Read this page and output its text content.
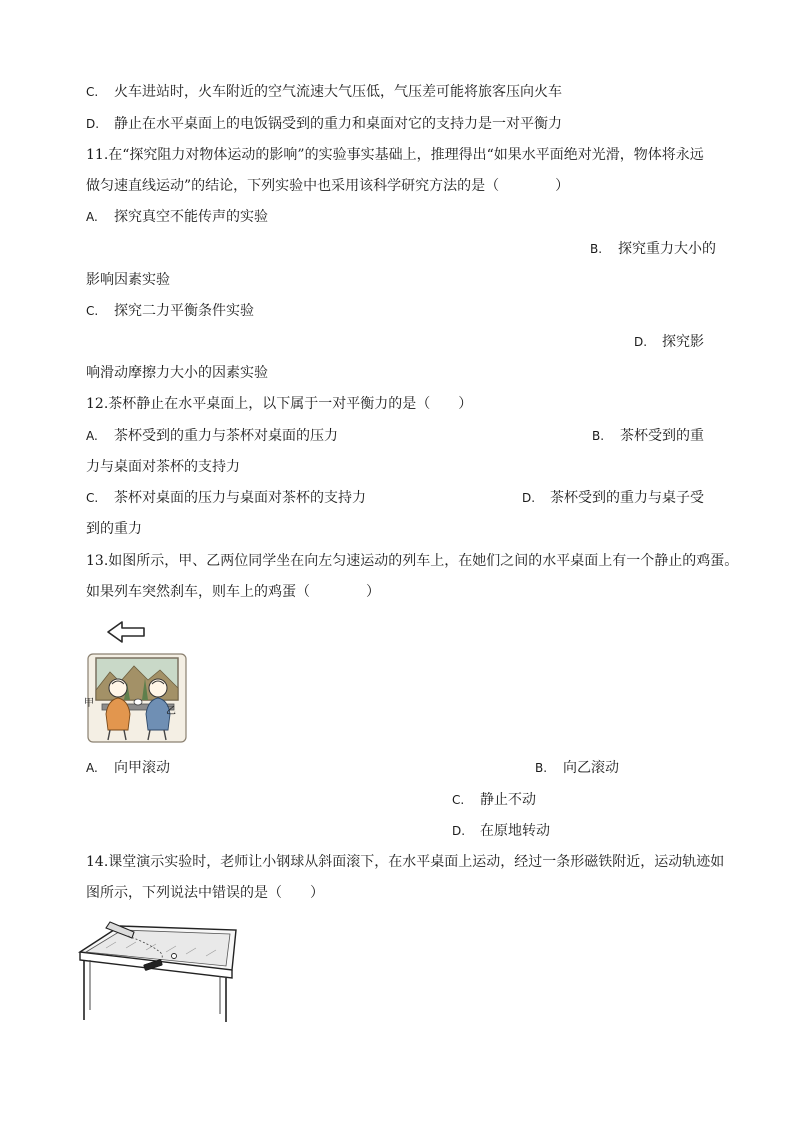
C. 火车进站时，火车附近的空气流速大气压低，气压差可能将旅客压向火车
D. 静止在水平桌面上的电饭锅受到的重力和桌面对它的支持力是一对平衡力
11.在“探究阻力对物体运动的影响”的实验事实基础上，推理得出“如果水平面绝对光滑，物体将永远
做匀速直线运动”的结论，下列实验中也采用该科学研究方法的是（　　　　）
A. 探究真空不能传声的实验
B. 探究重力大小的
影响因素实验
C. 探究二力平衡条件实验
D. 探究影
响滑动摩擦力大小的因素实验
12.茶杯静止在水平桌面上，以下属于一对平衡力的是（　　）
A. 茶杯受到的重力与茶杯对桌面的压力	B. 茶杯受到的重
力与桌面对茶杯的支持力
C. 茶杯对桌面的压力与桌面对茶杯的支持力	D. 茶杯受到的重力与桌子受
到的重力
13.如图所示，甲、乙两位同学坐在向左匀速运动的列车上，在她们之间的水平桌面上有一个静止的鸡蛋。
如果列车突然刹车，则车上的鸡蛋（　　　　）
甲
乙
A. 向甲滚动	B. 向乙滚动
C. 静止不动
D. 在原地转动
14.课堂演示实验时，老师让小钢球从斜面滚下，在水平桌面上运动，经过一条形磁铁附近，运动轨迹如
图所示，下列说法中错误的是（　　）
